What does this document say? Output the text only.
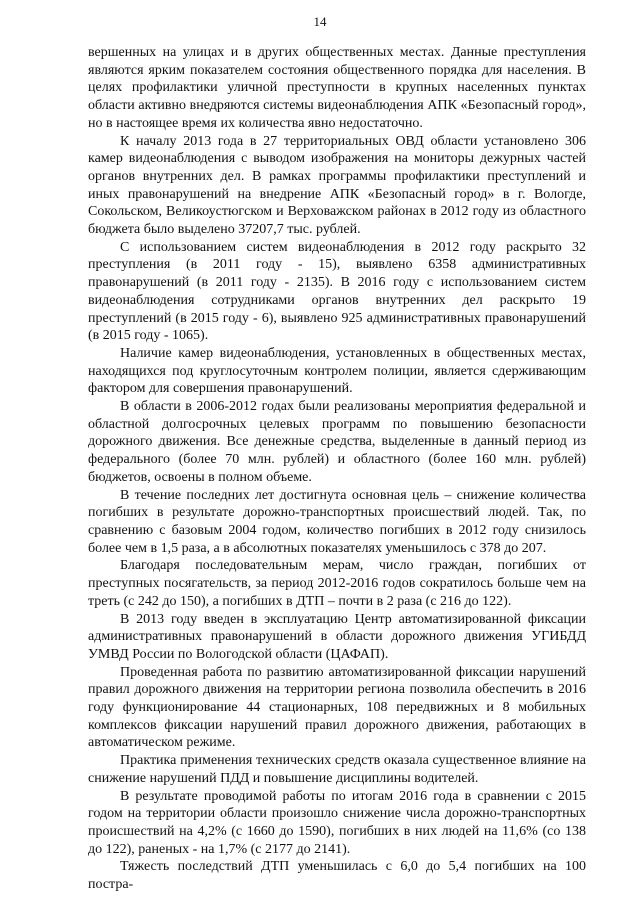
14

вершенных на улицах и в других общественных местах. Данные преступления являются ярким показателем состояния общественного порядка для населения. В целях профилактики уличной преступности в крупных населенных пунктах области активно внедряются системы видеонаблюдения АПК «Безопасный город», но в настоящее время их количества явно недостаточно.

К началу 2013 года в 27 территориальных ОВД области установлено 306 камер видеонаблюдения с выводом изображения на мониторы дежурных частей органов внутренних дел. В рамках программы профилактики преступлений и иных правонарушений на внедрение АПК «Безопасный город» в г. Вологде, Сокольском, Великоустюгском и Верховажском районах в 2012 году из областного бюджета было выделено 37207,7 тыс. рублей.

С использованием систем видеонаблюдения в 2012 году раскрыто 32 преступления (в 2011 году - 15), выявлено 6358 административных правонарушений (в 2011 году - 2135). В 2016 году с использованием систем видеонаблюдения сотрудниками органов внутренних дел раскрыто 19 преступлений (в 2015 году - 6), выявлено 925 административных правонарушений (в 2015 году - 1065).

Наличие камер видеонаблюдения, установленных в общественных местах, находящихся под круглосуточным контролем полиции, является сдерживающим фактором для совершения правонарушений.

В области в 2006-2012 годах были реализованы мероприятия федеральной и областной долгосрочных целевых программ по повышению безопасности дорожного движения. Все денежные средства, выделенные в данный период из федерального (более 70 млн. рублей) и областного (более 160 млн. рублей) бюджетов, освоены в полном объеме.

В течение последних лет достигнута основная цель – снижение количества погибших в результате дорожно-транспортных происшествий людей. Так, по сравнению с базовым 2004 годом, количество погибших в 2012 году снизилось более чем в 1,5 раза, а в абсолютных показателях уменьшилось с 378 до 207.

Благодаря последовательным мерам, число граждан, погибших от преступных посягательств, за период 2012-2016 годов сократилось больше чем на треть (с 242 до 150), а погибших в ДТП – почти в 2 раза (с 216 до 122).

В 2013 году введен в эксплуатацию Центр автоматизированной фиксации административных правонарушений в области дорожного движения УГИБДД УМВД России по Вологодской области (ЦАФАП).

Проведенная работа по развитию автоматизированной фиксации нарушений правил дорожного движения на территории региона позволила обеспечить в 2016 году функционирование 44 стационарных, 108 передвижных и 8 мобильных комплексов фиксации нарушений правил дорожного движения, работающих в автоматическом режиме.

Практика применения технических средств оказала существенное влияние на снижение нарушений ПДД и повышение дисциплины водителей.

В результате проводимой работы по итогам 2016 года в сравнении с 2015 годом на территории области произошло снижение числа дорожно-транспортных происшествий на 4,2% (с 1660 до 1590), погибших в них людей на 11,6% (со 138 до 122), раненых - на 1,7% (с 2177 до 2141).

Тяжесть последствий ДТП уменьшилась с 6,0 до 5,4 погибших на 100 постра-
